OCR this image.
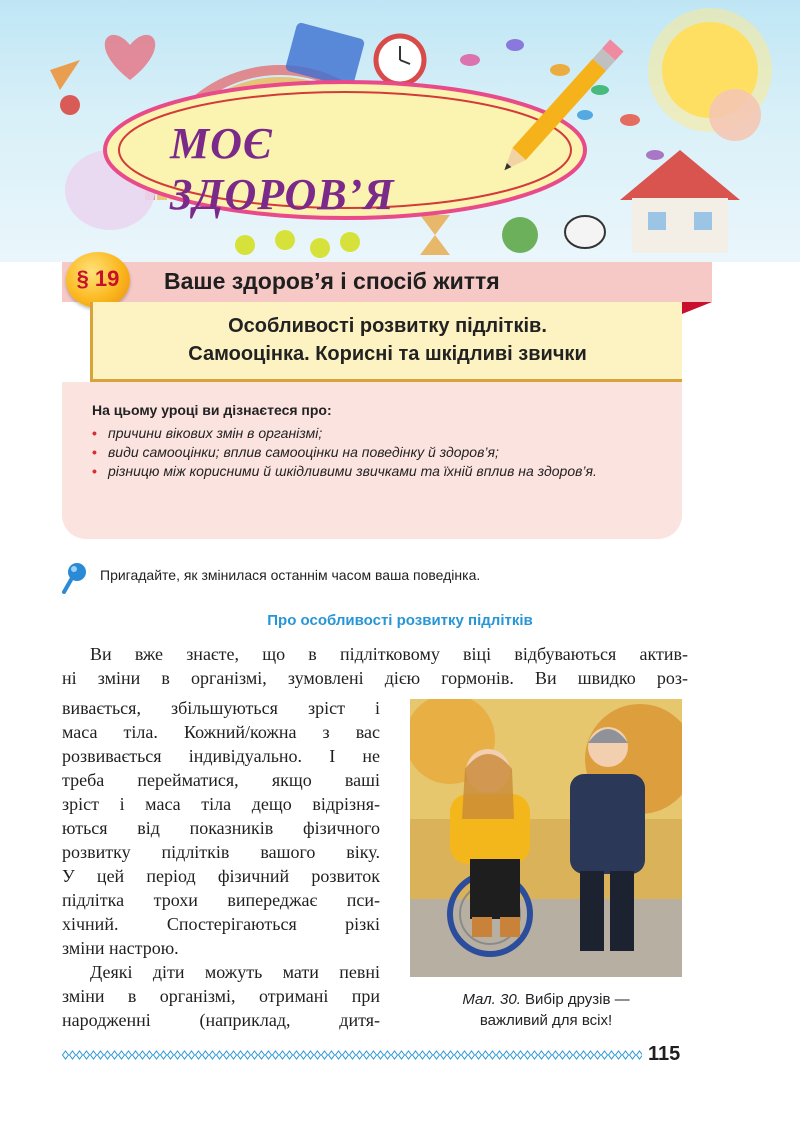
МОЄ ЗДОРОВ’Я
§ 19	Ваше здоров’я і спосіб життя
Особливості розвитку підлітків.
Самооцінка. Корисні та шкідливі звички
На цьому уроці ви дізнаєтеся про:
• причини вікових змін в організмі;
• види самооцінки; вплив самооцінки на поведінку й здоров’я;
• різницю між корисними й шкідливими звичками та їхній вплив на здоров’я.
Пригадайте, як змінилася останнім часом ваша поведінка.
Про особливості розвитку підлітків
Ви вже знаєте, що в підлітковому віці відбуваються актив-
ні зміни в організмі, зумовлені дією гормонів. Ви швидко роз-
вивається, збільшуються зріст і
маса тіла. Кожний/кожна з вас
розвивається індивідуально. І не
треба перейматися, якщо ваші
зріст і маса тіла дещо відрізня-
ються від показників фізичного
розвитку підлітків вашого віку.
У цей період фізичний розвиток
підлітка трохи випереджає пси-
хічний. Спостерігаються різкі
зміни настрою.
Деякі діти можуть мати певні
зміни в організмі, отримані при
народженні (наприклад, дитя-
Мал. 30. Вибір друзів —
важливий для всіх!
115
